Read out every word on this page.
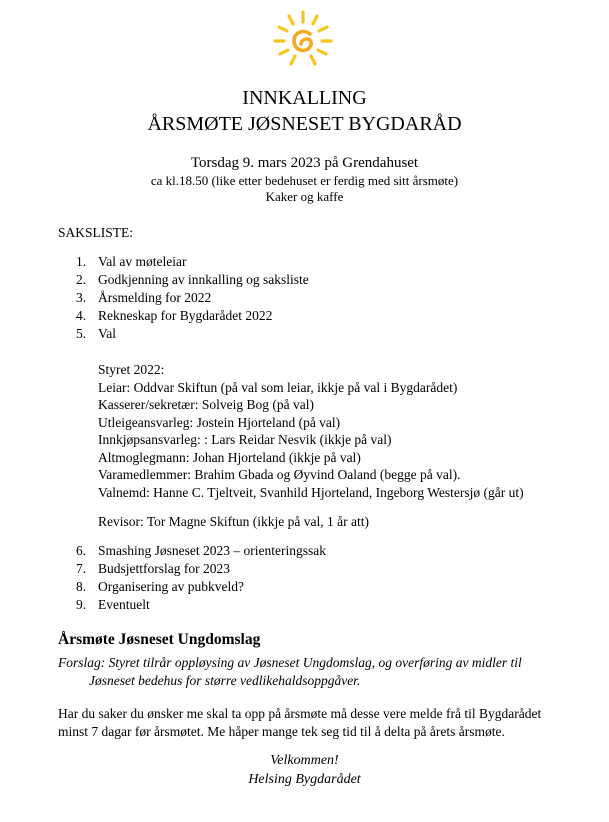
INNKALLING
ÅRSMØTE JØSNESET BYGDARÅD
Torsdag 9. mars 2023 på Grendahuset
ca kl.18.50 (like etter bedehuset er ferdig med sitt årsmøte)
Kaker og kaffe
SAKSLISTE:
1. Val av møteleiar
2. Godkjenning av innkalling og saksliste
3. Årsmelding for 2022
4. Rekneskap for Bygdarådet 2022
5. Val
Styret 2022:
Leiar: Oddvar Skiftun (på val som leiar, ikkje på val i Bygdarådet)
Kasserer/sekretær: Solveig Bog (på val)
Utleigeansvarleg: Jostein Hjorteland (på val)
Innkjøpsansvarleg: : Lars Reidar Nesvik (ikkje på val)
Altmoglegmann: Johan Hjorteland (ikkje på val)
Varamedlemmer: Brahim Gbada og Øyvind Oaland (begge på val).
Valnemd: Hanne C. Tjeltveit, Svanhild Hjorteland, Ingeborg Westersjø (går ut)
Revisor: Tor Magne Skiftun (ikkje på val, 1 år att)
6. Smashing Jøsneset 2023 – orienteringssak
7. Budsjettforslag for 2023
8. Organisering av pubkveld?
9. Eventuelt
Årsmøte Jøsneset Ungdomslag
Forslag: Styret tilrår oppløysing av Jøsneset Ungdomslag, og overføring av midler til
Jøsneset bedehus for større vedlikehaldsoppgåver.
Har du saker du ønsker me skal ta opp på årsmøte må desse vere melde frå til Bygdarådet minst 7 dagar før årsmøtet. Me håper mange tek seg tid til å delta på årets årsmøte.
Velkommen!
Helsing Bygdarådet
